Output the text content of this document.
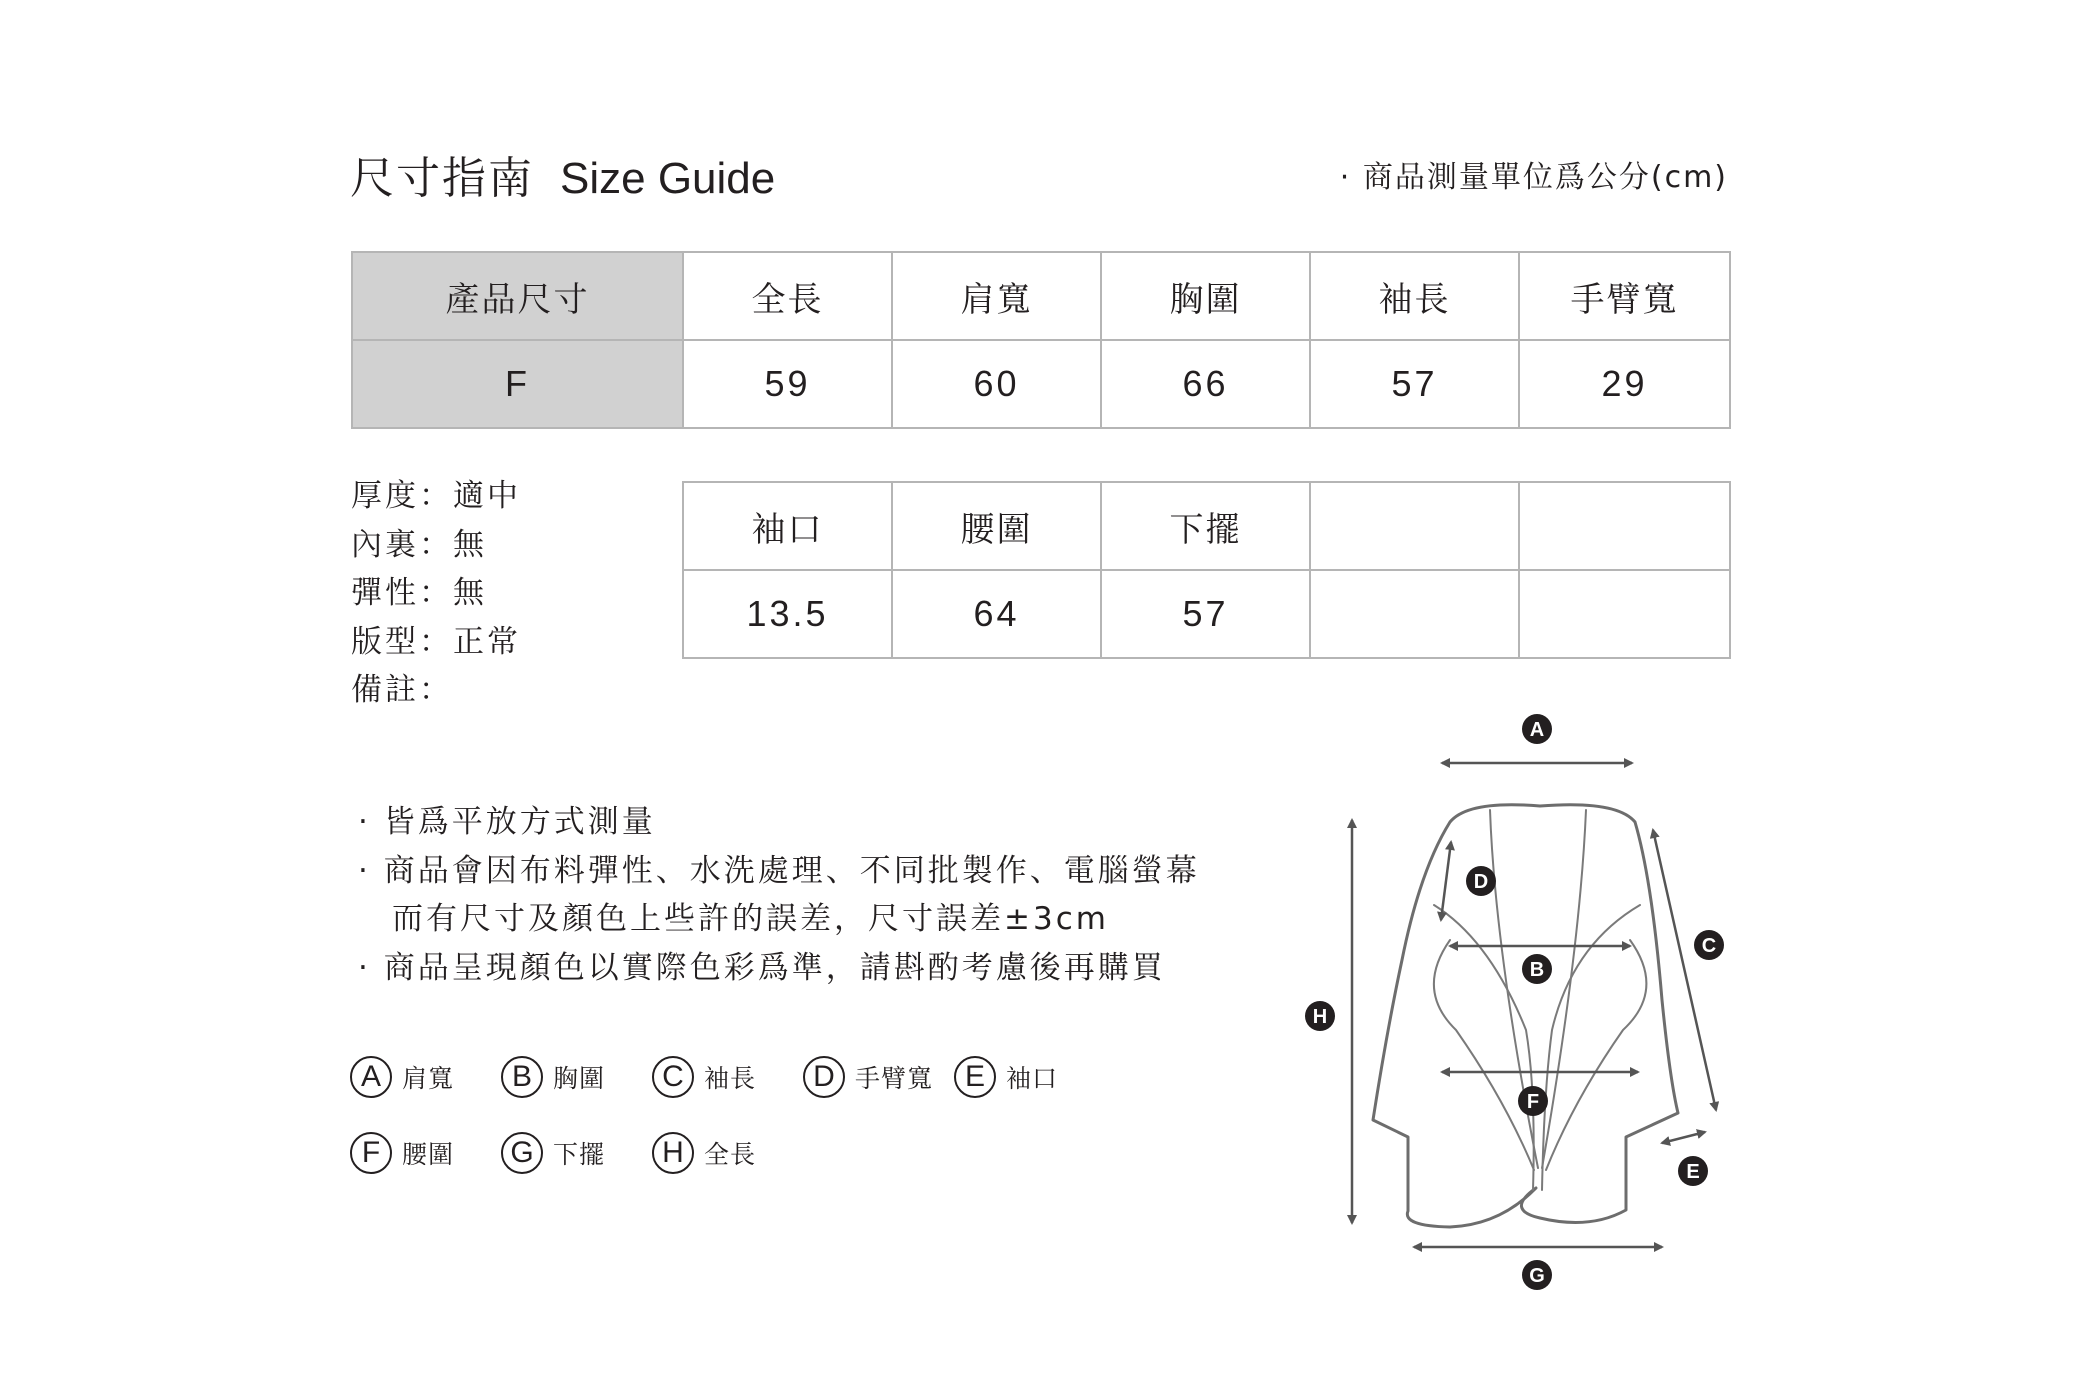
尺寸指南 Size Guide	· 商品測量單位爲公分(cm)
產品尺寸	全長	肩寬	胸圍	袖長	手臂寬
F	59	60	66	57	29
厚度：適中
內裏：無
彈性：無
版型：正常
備註：
袖口	腰圍	下擺		
13.5	64	57		
· 皆爲平放方式測量
· 商品會因布料彈性、水洗處理、不同批製作、電腦螢幕
　而有尺寸及顏色上些許的誤差，尺寸誤差±3cm
· 商品呈現顏色以實際色彩爲準，請斟酌考慮後再購買
A 肩寬	B 胸圍	C 袖長	D 手臂寬	E 袖口
F 腰圍	G 下擺	H 全長
A
B
C
D
E
F
G
H
